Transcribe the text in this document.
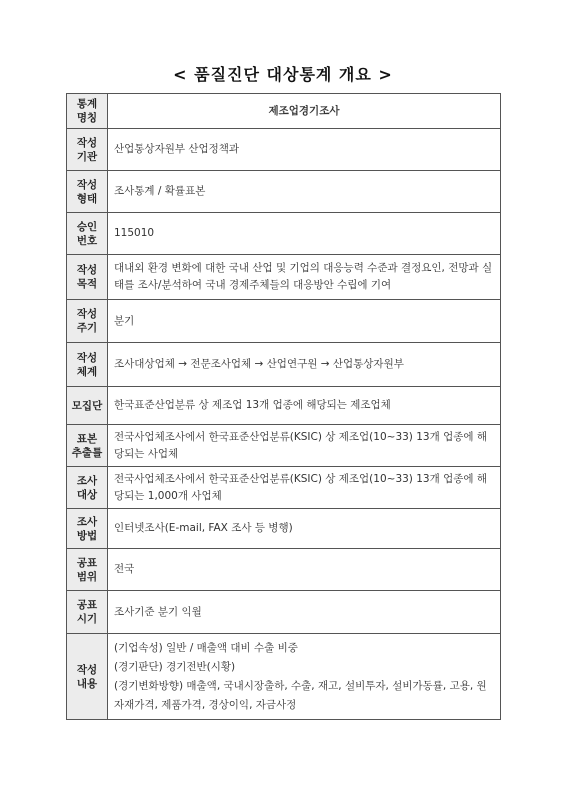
< 품질진단 대상통계 개요 >
통계
명칭	제조업경기조사

작성
기관	산업통상자원부 산업정책과

작성
형태	조사통계 / 확률표본

승인
번호	115010

작성
목적	대내외 환경 변화에 대한 국내 산업 및 기업의 대응능력 수준과 결정요인, 전망과 실태를 조사/분석하여 국내 경제주체들의 대응방안 수립에 기여

작성
주기	분기

작성
체계	조사대상업체 → 전문조사업체 → 산업연구원 → 산업통상자원부

모집단	한국표준산업분류 상 제조업 13개 업종에 해당되는 제조업체

표본
추출틀	전국사업체조사에서 한국표준산업분류(KSIC) 상 제조업(10~33) 13개 업종에 해당되는 사업체

조사
대상	전국사업체조사에서 한국표준산업분류(KSIC) 상 제조업(10~33) 13개 업종에 해당되는 1,000개 사업체

조사
방법	인터넷조사(E-mail, FAX 조사 등 병행)

공표
범위	전국

공표
시기	조사기준 분기 익월

작성
내용	(기업속성) 일반 / 매출액 대비 수출 비중
(경기판단) 경기전반(시황)
(경기변화방향) 매출액, 국내시장출하, 수출, 재고, 설비투자, 설비가동률, 고용, 원자재가격, 제품가격, 경상이익, 자금사정
